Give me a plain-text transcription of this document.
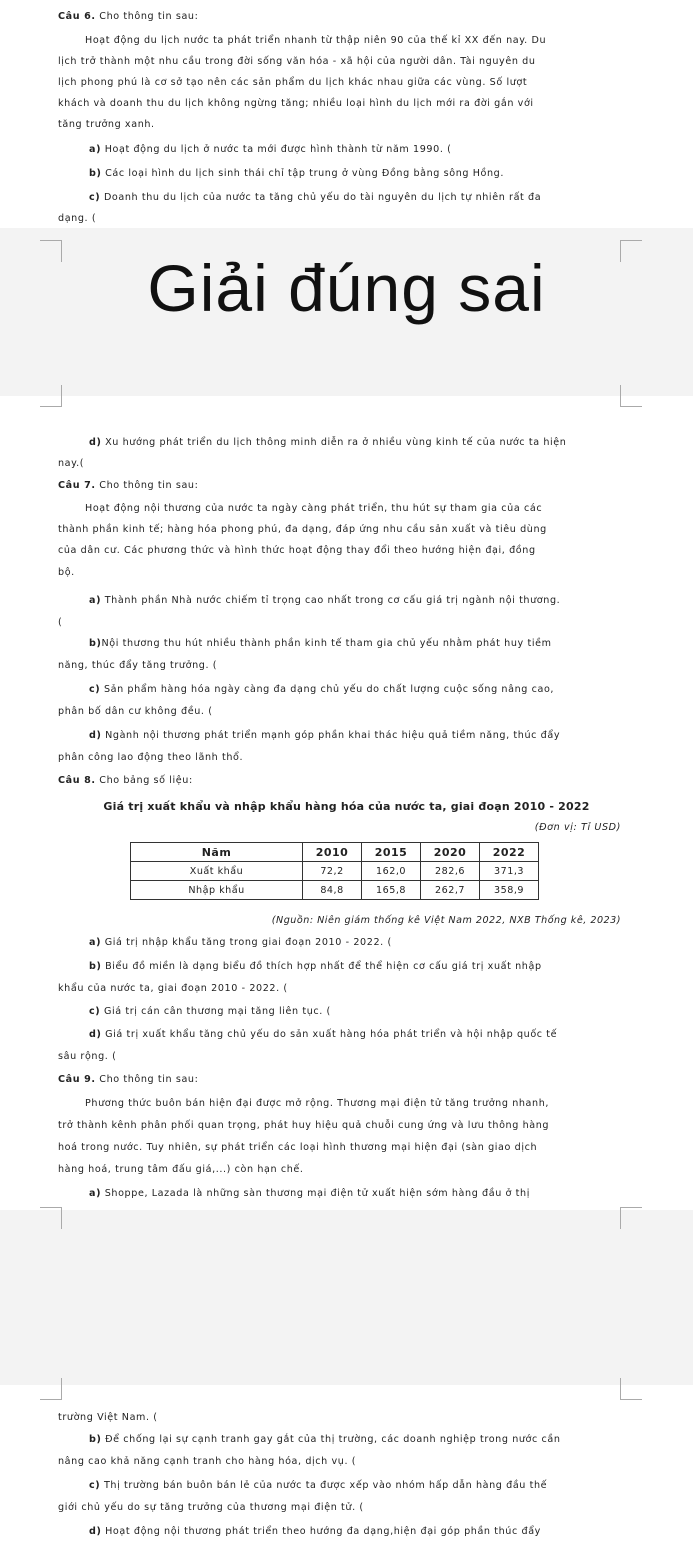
Câu 6. Cho thông tin sau:
Hoạt động du lịch nước ta phát triển nhanh từ thập niên 90 của thế kỉ XX đến nay. Du
lịch trở thành một nhu cầu trong đời sống văn hóa - xã hội của người dân. Tài nguyên du
lịch phong phú là cơ sở tạo nên các sản phẩm du lịch khác nhau giữa các vùng. Số lượt
khách và doanh thu du lịch không ngừng tăng; nhiều loại hình du lịch mới ra đời gắn với
tăng trưởng xanh.
a) Hoạt động du lịch ở nước ta mới được hình thành từ năm 1990. (
b) Các loại hình du lịch sinh thái chỉ tập trung ở vùng Đồng bằng sông Hồng.
c) Doanh thu du lịch của nước ta tăng chủ yếu do tài nguyên du lịch tự nhiên rất đa
dạng. (
Giải đúng sai
d) Xu hướng phát triển du lịch thông minh diễn ra ở nhiều vùng kinh tế của nước ta hiện
nay.(
Câu 7. Cho thông tin sau:
Hoạt động nội thương của nước ta ngày càng phát triển, thu hút sự tham gia của các
thành phần kinh tế; hàng hóa phong phú, đa dạng, đáp ứng nhu cầu sản xuất và tiêu dùng
của dân cư. Các phương thức và hình thức hoạt động thay đổi theo hướng hiện đại, đồng
bộ.
a) Thành phần Nhà nước chiếm tỉ trọng cao nhất trong cơ cấu giá trị ngành nội thương.
(
b)Nội thương thu hút nhiều thành phần kinh tế tham gia chủ yếu nhằm phát huy tiềm
năng, thúc đẩy tăng trưởng. (
c) Sản phẩm hàng hóa ngày càng đa dạng chủ yếu do chất lượng cuộc sống nâng cao,
phân bố dân cư không đều. (
d) Ngành nội thương phát triển mạnh góp phần khai thác hiệu quả tiềm năng, thúc đẩy
phân công lao động theo lãnh thổ.
Câu 8. Cho bảng số liệu:
Giá trị xuất khẩu và nhập khẩu hàng hóa của nước ta, giai đoạn 2010 - 2022
(Đơn vị: Tỉ USD)
Năm	2010	2015	2020	2022
Xuất khẩu	72,2	162,0	282,6	371,3
Nhập khẩu	84,8	165,8	262,7	358,9
(Nguồn: Niên giám thống kê Việt Nam 2022, NXB Thống kê, 2023)
a) Giá trị nhập khẩu tăng trong giai đoạn 2010 - 2022. (
b) Biểu đồ miền là dạng biểu đồ thích hợp nhất để thể hiện cơ cấu giá trị xuất nhập
khẩu của nước ta, giai đoạn 2010 - 2022. (
c) Giá trị cán cân thương mại tăng liên tục. (
d) Giá trị xuất khẩu tăng chủ yếu do sản xuất hàng hóa phát triển và hội nhập quốc tế
sâu rộng. (
Câu 9. Cho thông tin sau:
Phương thức buôn bán hiện đại được mở rộng. Thương mại điện tử tăng trưởng nhanh,
trở thành kênh phân phối quan trọng, phát huy hiệu quả chuỗi cung ứng và lưu thông hàng
hoá trong nước. Tuy nhiên, sự phát triển các loại hình thương mại hiện đại (sàn giao dịch
hàng hoá, trung tâm đấu giá,...) còn hạn chế.
a) Shoppe, Lazada là những sàn thương mại điện tử xuất hiện sớm hàng đầu ở thị
trường Việt Nam. (
b) Để chống lại sự cạnh tranh gay gắt của thị trường, các doanh nghiệp trong nước cần
nâng cao khả năng cạnh tranh cho hàng hóa, dịch vụ. (
c) Thị trường bán buôn bán lẻ của nước ta được xếp vào nhóm hấp dẫn hàng đầu thế
giới chủ yếu do sự tăng trưởng của thương mại điện tử. (
d) Hoạt động nội thương phát triển theo hướng đa dạng,hiện đại góp phần thúc đẩy
